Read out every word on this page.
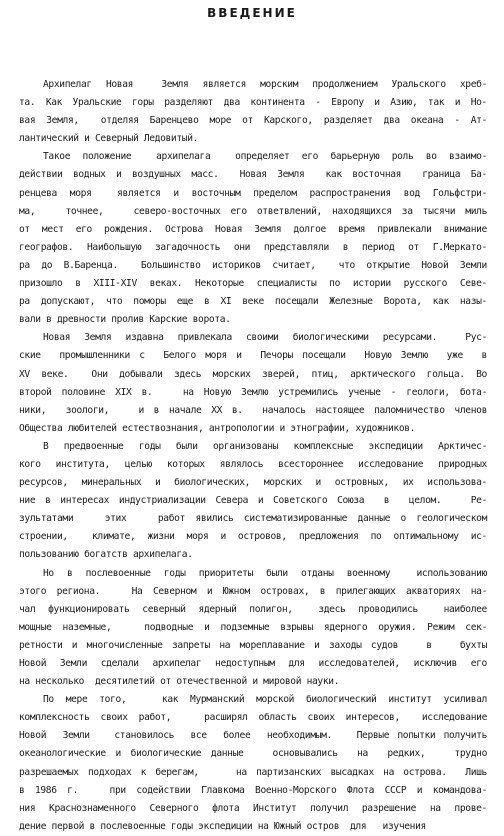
ВВЕДЕНИЕ

Архипелаг Новая  Земля является морским продолжением Уральского хреб-
та. Как Уральские горы разделяют два континента - Европу и Азию, так и Но-
вая Земля,  отделяя Баренцево море от Карского, разделяет два океана - Ат-
лантический и Северный Ледовитый.

Такое положение  архипелага  определяет его барьерную роль во взаимо-
действии водных и воздушных масс.  Новая Земля  как восточная  граница Ба-
ренцева моря  является и восточным пределом распространения вод Гольфстри-
ма,   точнее,   северо-восточных его ответвлений, находящихся за тысячи миль
от мест его рождения. Острова Новая Земля долгое время привлекали внимание
географов. Наибольшую загадочность они представляли в период от Г.Меркато-
ра до В.Баренца.  Большинство историков считает,  что открытие Новой Земли
призошло в XIII-XIV веках. Некоторые специалисты по истории русского Севе-
ра допускают, что поморы еще в XI веке посещали Железные Ворота, как назы-
вали в древности пролив Карские ворота.

Новая Земля издавна привлекала своими биологическими ресурсами.  Рус-
ские  промышленники с  Белого моря и  Печоры посещали  Новую Землю  уже  в
XV веке.  Они добывали здесь морских зверей, птиц, арктического гольца. Во
второй половине XIX в.   на Новую Землю устремились ученые - геологи, бота-
ники,  зоологи,   и в начале XX в.  началось настоящее паломничество членов
Общества любителей естествознания, антропологии и этнографии, художников.

В предвоенные годы были организованы комплексные экспедиции Арктичес-
кого института, целью которых являлось всестороннее исследование природных
ресурсов, минеральных и биологических, морских и островных, их использова-
ние в интересах индустриализации Севера и Советского Союза  в  целом.   Ре-
зультатами   этих   работ явились систематизированные данные о геологическом
строении,  климате, жизни моря и островов, предложения по оптимальному ис-
пользованию богатств архипелага.

Но в послевоенные годы приоритеты были отданы военному  использованию
этого региона.   На Северном и Южном островах, в прилегающих акваториях на-
чал функционировать северный ядерный полигон,  здесь проводились  наиболее
мощные наземные,   подводные и подземные взрывы ядерного оружия. Режим сек-
ретности и многочисленные запреты на мореплавание и заходы судов   в   бухты
Новой Земли сделали архипелаг недоступным для исследователей, исключив его
на несколько  десятилетий от отечественной и мировой науки.

По мере того,   как Мурманский морской биологический институт усиливал
комплексность своих работ,   расширял область своих интересов,  исследование
Новой  Земли   становилось  все  более  необходимым.   Первые попытки получить
океанологические и биологические данные   основывались  на  редких,   трудно
разрешаемых подходах к берегам,    на партизанских высадках на острова.  Лишь
в 1986 г.   при содействии Главкома Военно-Морского Флота СССР и командова-
ния Краснознаменного Северного флота Институт получил разрешение на прове-
дение первой в послевоенные годы экспедиции на Южный остров  для   изучения
